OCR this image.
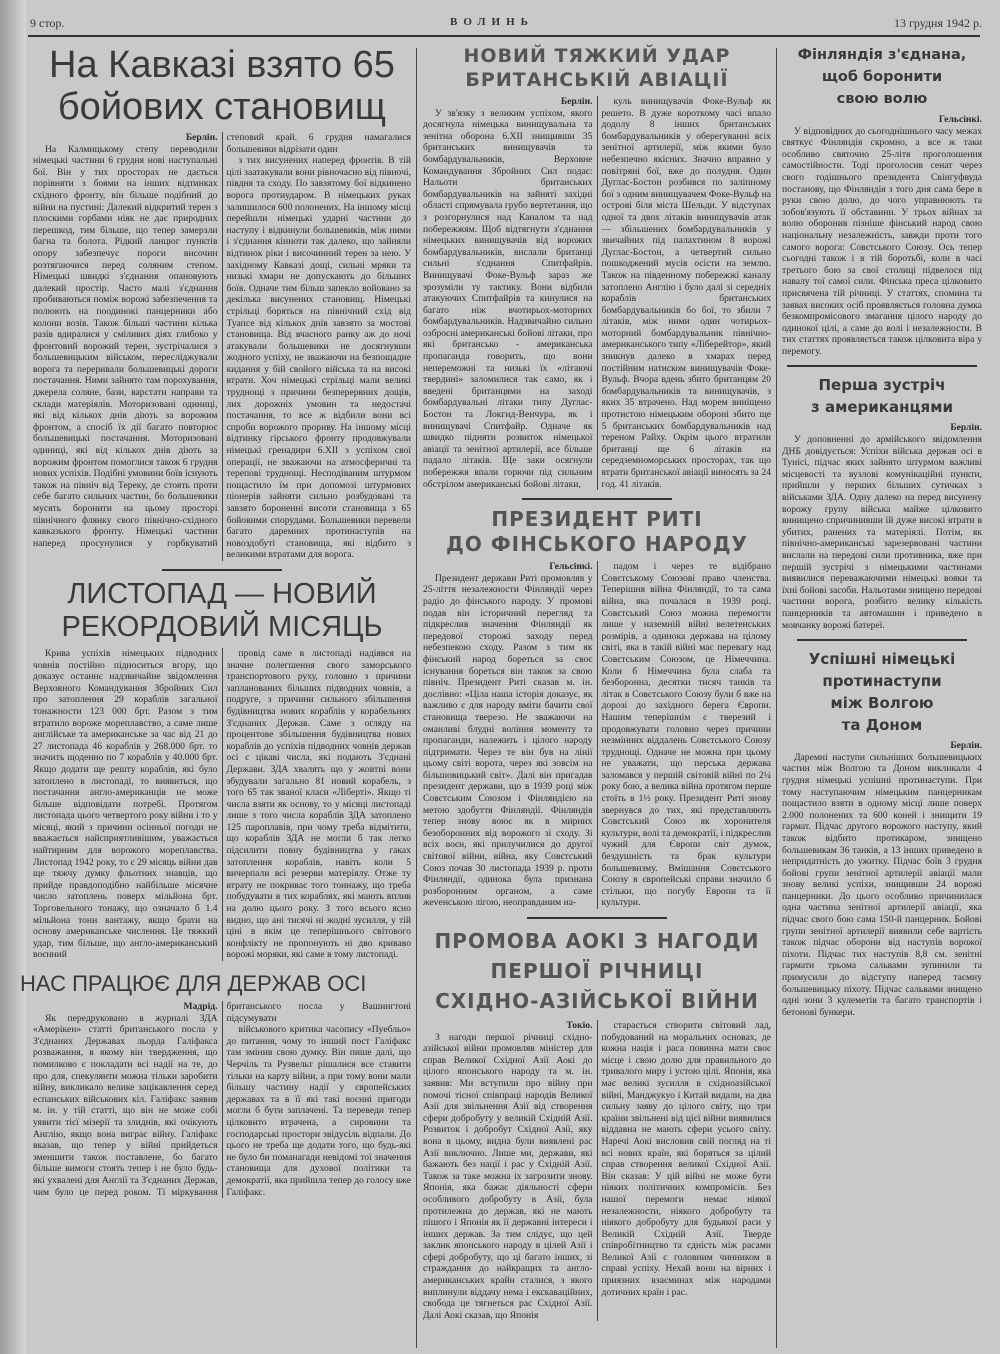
9 стор.	ВОЛИНЬ	13 грудня 1942 р.
На Кавказі взято 65
бойових становищ
Берлін.

На Калмицькому степу переводили німецькі частини 6 грудня нові наступальні бої. Він у тих просторах не дається порівняти з боями на інших відтинках східного фронту, він більше подібний до війни на пустині: Далекий відкритий терен з плоскими горбами ніяк не дає природних перешкод, тим більше, що тепер замерзли багна та болота. Рідкий ланцюг пунктів опору забезпечує пороги височин розтягаючися перед соляним степом. Німецькі швидкі з'єднання опановують далекий простір. Часто малі з'єднання пробиваються поміж ворожі забезпечення та полюють на поодинокі панцерники або колони возів. Також більші частини кілька разів вдиралися у сміливих діях глибоко у фронтовий ворожий терен, зустрічалися з большевицьким військом, пересліджували ворога та переривали большевицькі дороги постачання. Ними зайнято там порохування, джерела соляне, бази, варстати направи та склади матеріялів. Моторизовані одиниці, які від кількох днів діють за ворожим фронтом, а спосіб їх дії багато повторює большевицькі постачання. Моторизовані одиниці, які від кількох днів діють за ворожим фронтом помоглися також 6 грудня нових успіхів. Подібні умовини боїв існують також на північ від Тереку, де стоять проти себе багато сильних частин, бо большевики мусять боронити на цьому просторі північного флянку свого північно-східного кавказького фронту. Німецькі частини наперед просунулися у горбкуватий степовий край. 6 грудня намагалися большевики відрізати один

з тих висунених наперед фронтів. В тій цілі заатакували вони рівночасно від півночі, півдня та сходу. По завзятому бої відкинено ворога протиударом. В німецьких руках залишилося 600 полонених. На іншому місці перейшли німецькі ударні частини до наступу і відкинули большевиків, між ними і з'єднання кінноти так далеко, що зайняли відтинок ріки і височинний терен за нею. У західному Кавказі дощі, сильні мряки та низькі хмари не допускають до більших боїв. Одначе тим більш запекло войовано за декілька висунених становищ. Німецькі стрільці боряться на північний схід від Туапсе від кількох днів завзято за мостові становища. Від вчасного ранку аж до ночі атакували большевики не досягнувши жодного успіху, не зважаючи на безпощадне кидання у бій свойого війська та на високі втрати. Хоч німецькі стрільці мали великі труднощі з причини безперервних дощів, лих дорожніх умовин та недостачі постачання, то все ж відбили вони всі спроби ворожого прориву. На іншому місці відтинку гірського фронту продовжували німецькі гренадири 6.XII з успіхом свої операції, не зважаючи на атмосферичні та терепові труднощі. Несподіваним штурмом пощастило їм при допомозі штурмових піонерів зайняти сильно розбудовані та завзято бороненні висоти становища з 65 бойовими спорудами. Большевики перевели багато даремних протинаступів на новоздобуті становища, які відбито з великими втратами для ворога.

ЛИСТОПАД — НОВИЙ
РЕКОРДОВИЙ МІСЯЦЬ

Крива успіхів німецьких підводних човнів постійно підноситься вгору, що доказує останнє надзвичайне звідомлення Верховного Командування Збройних Сил про затоплення 29 кораблів загальної тонажности 123 000 брт. Разом з тим втратило вороже мореплавство, а саме лише англійське та американське за час від 21 до 27 листопада 46 кораблів у 268.000 брт. то значить щоденно по 7 кораблів у 40.000 брт. Якщо додати ще решту кораблів, які було затоплено в листопаді, то виявиться, що постачання англо-американців не може більше відповідати потребі. Протягом листопада цього четвертого року війни і то у місяці, який з причини осінньої погоди не вважається найсприятливішим, уважається найтирним для ворожого мореплавства. Листопад 1942 року, то є 29 місяць війни дав ще тяжчу думку фльотних знавців, що прийде правдоподібно найбільше місячне число затоплень поверх мільйона брт. Торговельного тонажу, що означало б 1.4 мільйона тонн вантажу, якщо брати на основу американське числення. Це тяжкий удар, тим більше, що англо-американський воєнний

провід саме в листопаді надіявся на значне полегшення свого заморського транспортового руху, головно з причини запланованих більших підводних човнів, а подруге, з причини сильного збільшення будівництва нових кораблів у корабельнях З'єднаних Держав. Саме з огляду на процентове збільшення будівництва нових кораблів до успіхів підводних човнів держав осі є цікаві числа, які подають 3'єднані Держави. ЗДА хвалять що у жовтні вони збудували загально 81 новий корабель, з того 65 так званої класи «Ліберті». Якщо ті числа взяти як основу, то у місяці листопаді лише з того числа кораблів ЗДА затоплено 125 пароплавів, при чому треба відмітити, що кораблів ЗДА не могли б так легко підсилити повну будівництва у гаках затоплення кораблів, навіть коли 5 вичерпали всі резерви матеріялу. Отже ту втрату не покриває того тоннажу, що треба побудувати в тих кораблях, які мають вплив на долю цього року. З того всього ясно видно, що ані тисячі ні жодні зусилля, у тій ціні в якім це теперішнього світового конфлікту не пропонують ні дво криваво ворожі моряки, які саме в тому листопаді.

НАС ПРАЦЮЄ ДЛЯ ДЕРЖАВ ОСІ
Мадрід.

Як передруковано в журналі ЗДА «Амерікен» статті британського посла у З'єднаних Державах льорда Галіфакса розважання, в якому він твердження, що помилково є покладати всі надії на те, до про для, спекулянти можна тільки заробити війну, викликало велике зацікавлення серед еспанських військових кіл. Галіфакс заявив м. ін. у тій статті, що він не може собі уявити тієї мізерії та злиднів, які очікують Англію, якщо вона виграє війну. Галіфакс вказав, що тепер у війні прийдеться зменшити також поставлене, бо багато більше вимоги стоять тепер і не було будь-які ухвалені для Англії та З'єднаних Держав, чим було це перед роком. Ті міркування британського посла у Вашингтоні підсумувати

військового критика часопису «Пуебльо» до питання, чому то інший пост Галіфакс там змінив свою думку. Він пише далі, що Черчіль та Рузвельт рішалися все ставити тільки на карту війни, а при тому вони мали більшу частину надії у європейських державах та в її які такі воєнні пригоди могли б бути заплачені. Та переведи тепер цілковито втрачена, а сировини та господарські простори звідусіль відпали. До цього не треба ще додати того, що будь-які не було би поманагади невідомі тої значення становища для духової політики та демократії, яка прийшла тепер до голосу вже Галіфакс.

НОВИЙ ТЯЖКИЙ УДАР
БРИТАНСЬКІЙ АВІАЦІЇ
Берлін.

У зв'язку з великим успіхом, якого досягнула німецька винищувальна та зенітна оборона 6.XII знищивши 35 британських винищувачів та бомбардувальників, Верховне Командування Збройних Сил подає: Нальоти британських бомбардувальників на зайняті західні області спрямувала грубо вертетання, що з розгорнулися над Каналом та над побережжям. Щоб відтягнути з'єднання німецьких винищувачів від ворожих бомбардувальників, вислали британці сильні з'єднання Спитфайрів. Винищувачі Фоке-Вульф зараз же зрозуміли ту тактику. Вони відбили атакуючих Спитфайрів та кинулися на багато ніж вчотирьох-моторних бомбардувальників. Надзвичайно сильно озброєні американські бойові літаки, про які британсько - американська пропаганда говорить, що вони непереможні та низькі їх «літаючі твердині» заломилися так само, як і введені британцями на заході бомбардувальні літаки типу Дуглас-Бостон та Локгид-Венчура, як і винищувачі Спитфайр. Одначе як швидко підняти розвиток німецької авіації та зенітної артилерії, все більше падало літаків. Ще заки осягнули побережжя впали горючи під сильним обстрілом американські бойові літаки,

куль винищувачів Фоке-Вульф як решето. В дуже короткому часі впало додолу 8 інших британських бомбардувальників у оберегуванні всіх зенітної артилерії, між якими було небезпечно якісних. Значно вправно у повітряні бої, вже до полудня. Один Дуглас-Бостон розбився по заліпному бої з одним винищувачем Фоке-Вульф на острові біля міста Шельди. У відступах одної та двох літаків винищувачів атак — збільшених бомбардувальників у звичайних під палахтином 8 ворожі Дуглас-Бостон, а четвертий сильно пошкоджений мусів осісти на землю. Також на південному побережжі каналу затоплено Англію і було далі зі середніх кораблів британських бомбардувальників бо бої, то збили 7 літаків, між ними один чотирьох-моторний бомбардувальник північно-американського типу «Ліберейтор», який зникнув далеко в хмарах перед постійним натиском винищувачів Фоке-Вульф. Вчора вдень збито британцям 20 бомбардувальників та винищувачів, з яких 35 втрачено. Над морем виніщено протистою німецьким обороні збито ще 5 британських бомбардувальників над тереном Райху. Окрім цього втратили британці ще 6 літаків на середземноморських просторах, так що втрати британської авіації виносять за 24 год. 41 літаків.

ПРЕЗИДЕНТ РИТІ
ДО ФІНСЬКОГО НАРОДУ
Гельсінкі.

Президент держави Риті промовляв у 25-ліття незалежности Фінляндії через радіо до фінського народу. У промові подав він історичний перегляд та підкреслив значення Фінляндії як передової сторожі заходу перед небезпекою сходу. Разом з тим як фінський народ бореться за своє існування бореться він також за свою північ. Президент Риті сказав м. ін. дослівно: «Ціла наша історія доказує, як важливо є для народу вміти бачити свої становища тверезо. Не зважаючи на оманливі блудні воління моменту та пропаганди, належить і цілого народу підтримати. Через те він був на лінії цьому світі ворота, через які зовсім на більшовицький світ». Далі він пригадав президент держави, що в 1939 році між Совєтським Союзом і Фінляндією на метою здобуття Фінляндії. Фінляндія тепер знову воює як в мирних безоборонних від ворожого зі сходу. Зі всіх воєн, які прилучилися до другої світової війни, війна, яку Совєтський Союз почав 30 листопада 1939 р. проти Фінляндії, одинока була признана розборонним органом, а саме жеvенською лігою, неоправданим на-

падом і через те відібрано Совєтському Союзові право членства. Теперішня війна Фінляндії, то та сама війна, яка почалася в 1939 році. Совєтський Союз можна перемогти лише у наземній війні велетенських розмірів, а одинока держава на цілому світі, яка в такій війні має перевагу над Совєтським Союзом, це Німеччина. Коли б Німеччина була слаба та безборонна, десятки тисяч танків та літак в Совєтського Союзу були б вже на дорозі до західного берега Європи. Нашим теперішнім є тверезий і продовжувати головно через причини незмінних віддалень Совєтського Союзу труднощі. Одначе не можна при цьому не уважати, що перська держава заломався у першій світовій війні по 2¼ року бою, а велика війна протягом перше стоїть в 1½ року. Президент Риті знову звернувся до тих, які представляють Совєтський Союз як хоронителя культури, волі та демократії, і підкреслив чужий для Європи світ думок, бездушність та брак культури большевизму. Вмішання Совєтського Союзу в європейські справи значило б стільки, що погубу Европи та її культури.

ПРОМОВА АОКІ З НАГОДИ
ПЕРШОЇ РІЧНИЦІ
СХІДНО-АЗІЙСЬКОЇ ВІЙНИ
Токіо.

З нагоди першої річниці східно-азійської війни промовляв міністер для справ Великої Східної Азії Аокі до цілого японського народу та м. ін. заявив: Ми вступили про війну при помочі тісної співпраці народів Великої Азії для звільнення Азії від створення сфери добробуту у великій Східній Азії. Розвиток і добробут Східної Азії, яку вона в цьому, видна були виявлені рас Азії виключно. Лише ми, держави, які бажають без нації і рас у Східній Азії. Також за таке можна іх загрозити знову. Японія, яка бажає діяльності сфери особливого добробуту в Азії, була протилежна до держав, які не мають пішого і Японія як її державні інтереси і інших держав. За тим слідує, що цей заклик японського народу в цілей Азії і сфері добробуту, що ці багато інших, зі страждання до найкращих та англо-американських крайн сталися, з якого виплинули віддачу нема і екскаваційних, свобода це тягнеться рас Східної Азії. Далі Аокі сказав, що Японія

старається створити світовий лад, побудований на моральних основах, де кожна нація і раса повинна мати своє місце і свою долю для правильного до тривалого миру і устою цілі. Японія, яка має великі зусилля в східноазійської війні, Манджукуо і Китай видали, на два сильну заяву до цілого світу, що три країни звільнені від цієї війни виявилися віддавна не мають сфери усього світу. Наречі Аокі висловив свій погляд на ті всі нових країн, які боряться за цілий справ створення великої Східної Азії. Він сказав: У цій війні не може бути ніяких політичних компромісів. Без нашої перемоги немає ніякої незалежности, ніякого добробуту та ніякого добробуту для будьякої раси у Великій Східній Азії. Тверде співробітництво та єдність між расами Великої Азії є головним чинником в справі успіху. Нехай вони на вірних і приязних взаєминах між народами дотичних країн і рас.

Фінляндія з'єднана,
щоб боронити
свою волю
Гельсінкі.

У відповідних до сьогоднішнього часу межах святкує Фінляндія скромно, а все ж таки особливо святочно 25-літя проголошення самостійности. Тоді проголосив сенат через свого тодішнього президента Свінгуфвуда постанову, що Фінляндія з того дня сама бере в руки свою долю, до чого управнюють та зобов'язують її обставини. У трьох війнах за волю оборонив пізніше фінський народ свою національну незалежність, завжди проти того самого ворога: Совєтського Союзу. Ось тепер сьогодні також і в тій боротьбі, коли в часі третього бою за свої столиці підвелося під навалу тої самої сили. Фінська преса цілковито присвячена тій річниці. У статтях, спомина та заявах високих осіб проявляється головна думка безкомпромісового змагання цілого народу до одинокої цілі, а саме до волі і незалежности. В тих статтях проявляється також цілковита віра у перемогу.

Перша зустріч
з американцями
Берлін.

У доповненні до армійського звідомлення ДНБ довідується: Успіхи війська держав осі в Тунісі, підчас яких зайнято штурмом важливі місцевості та вузлові комунікаційні пункти, прийшли у перших більших сутичках з військами ЗДА. Одну далеко на перед висунену ворожу групу війська майже цілковито винищено спричинивши їй дуже високі втрати в убитих, ранених та матеріялі. Потім, як північно-американські зарезервовані частини вислали на передові сили противника, вже при першій зустрічі з німецькими частинами виявилися переважаючими німецькі вояки та їхні бойові засоби. Нальотами знищено передові частини ворога, розбито велику кількість панцерників та автомашин і приведено в мовчанку ворожі батереї.

Успішні німецькі
протинаступи
між Волгою
та Доном
Берлін.

Даремні наступи сильніших большевицьких частин між Волгою та Доном викликали 4 грудня німецькі успішні протинаступи. При тому наступаючим німецьким панцерникам пощастило взяти в одному місці лише поверх 2.000 полонених та 600 коней і знищити 19 гармат. Підчас другого ворожого наступу, який також відбито протикаром, знищено большевикам 36 танків, а 13 інших приведено в непридатність до ужитку. Підчас боїв 3 грудня бойові групи зенітної артилерії авіації мали знову великі успіхи, знищивши 24 ворожі панцерники. До цього особливо причинилася одна частина зенітної артилерії авіації, яка підчас свого бою сама 150-й панцерник. Бойові групи зенітної артилерії виявили себе вартість також підчас оборони від наступів ворожої піхоти. Підчас тих наступів 8,8 см. зенітні гармати трьома сальвами зупинили та примусили до відступу наперед таємну большевицьку піхоту. Підчас сальвами знищено одні зони 3 кулеметів та багато транспортів і бетонові бункери.
